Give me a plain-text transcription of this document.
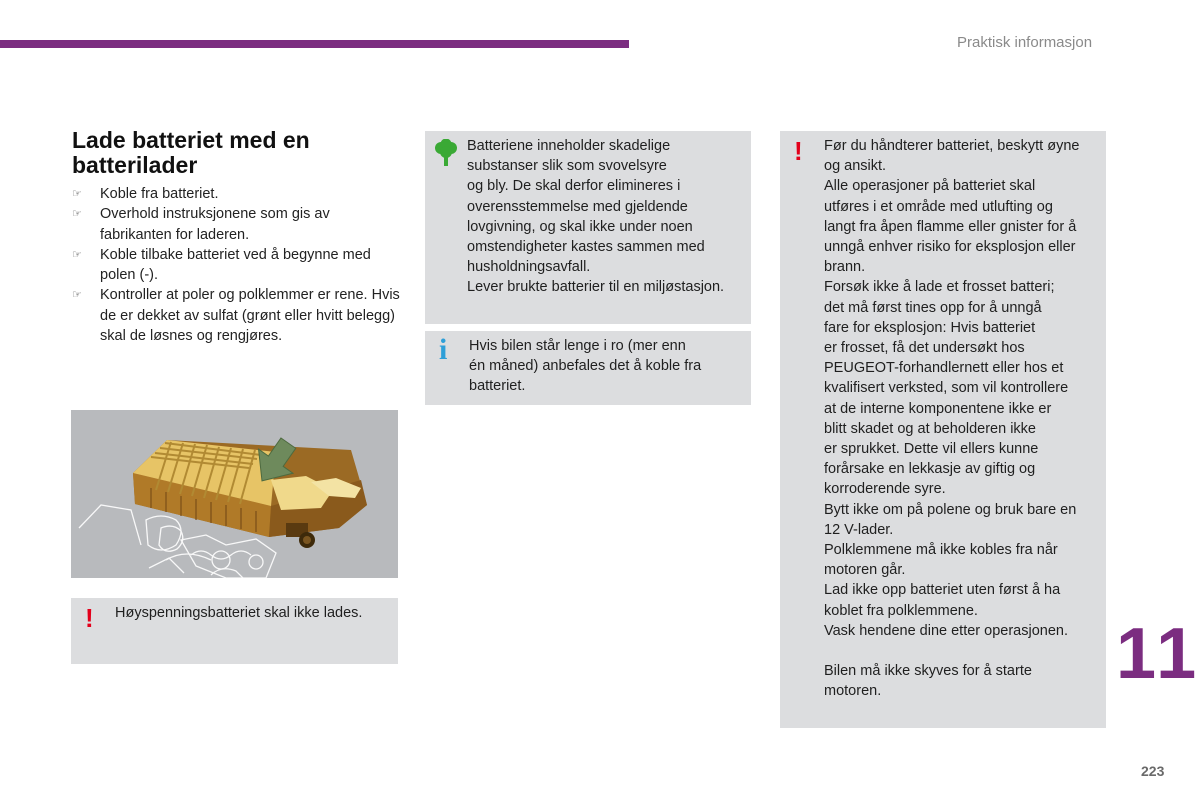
Praktisk informasjon
Lade batteriet med en batterilader
☞	Koble fra batteriet.
☞	Overhold instruksjonene som gis av fabrikanten for laderen.
☞	Koble tilbake batteriet ved å begynne med polen (-).
☞	Kontroller at poler og polklemmer er rene. Hvis de er dekket av sulfat (grønt eller hvitt belegg) skal de løsnes og rengjøres.
! Høyspenningsbatteriet skal ikke lades.

Batteriene inneholder skadelige

substanser slik som svovelsyre

og bly. De skal derfor elimineres i

overensstemmelse med gjeldende

lovgivning, og skal ikke under noen

omstendigheter kastes sammen med

husholdningsavfall.

Lever brukte batterier til en miljøstasjon.

i Hvis bilen står lenge i ro (mer enn

én måned) anbefales det å koble fra

batteriet.

! Før du håndterer batteriet, beskytt øyne

og ansikt.

Alle operasjoner på batteriet skal

utføres i et område med utlufting og

langt fra åpen flamme eller gnister for å

unngå enhver risiko for eksplosjon eller

brann.

Forsøk ikke å lade et frosset batteri;

det må først tines opp for å unngå

fare for eksplosjon: Hvis batteriet

er frosset, få det undersøkt hos

PEUGEOT-forhandlernett eller hos et

kvalifisert verksted, som vil kontrollere

at de interne komponentene ikke er

blitt skadet og at beholderen ikke

er sprukket. Dette vil ellers kunne

forårsake en lekkasje av giftig og

korroderende syre.

Bytt ikke om på polene og bruk bare en

12 V-lader.

Polklemmene må ikke kobles fra når

motoren går.

Lad ikke opp batteriet uten først å ha

koblet fra polklemmene.

Vask hendene dine etter operasjonen.

Bilen må ikke skyves for å starte

motoren.	11
223
